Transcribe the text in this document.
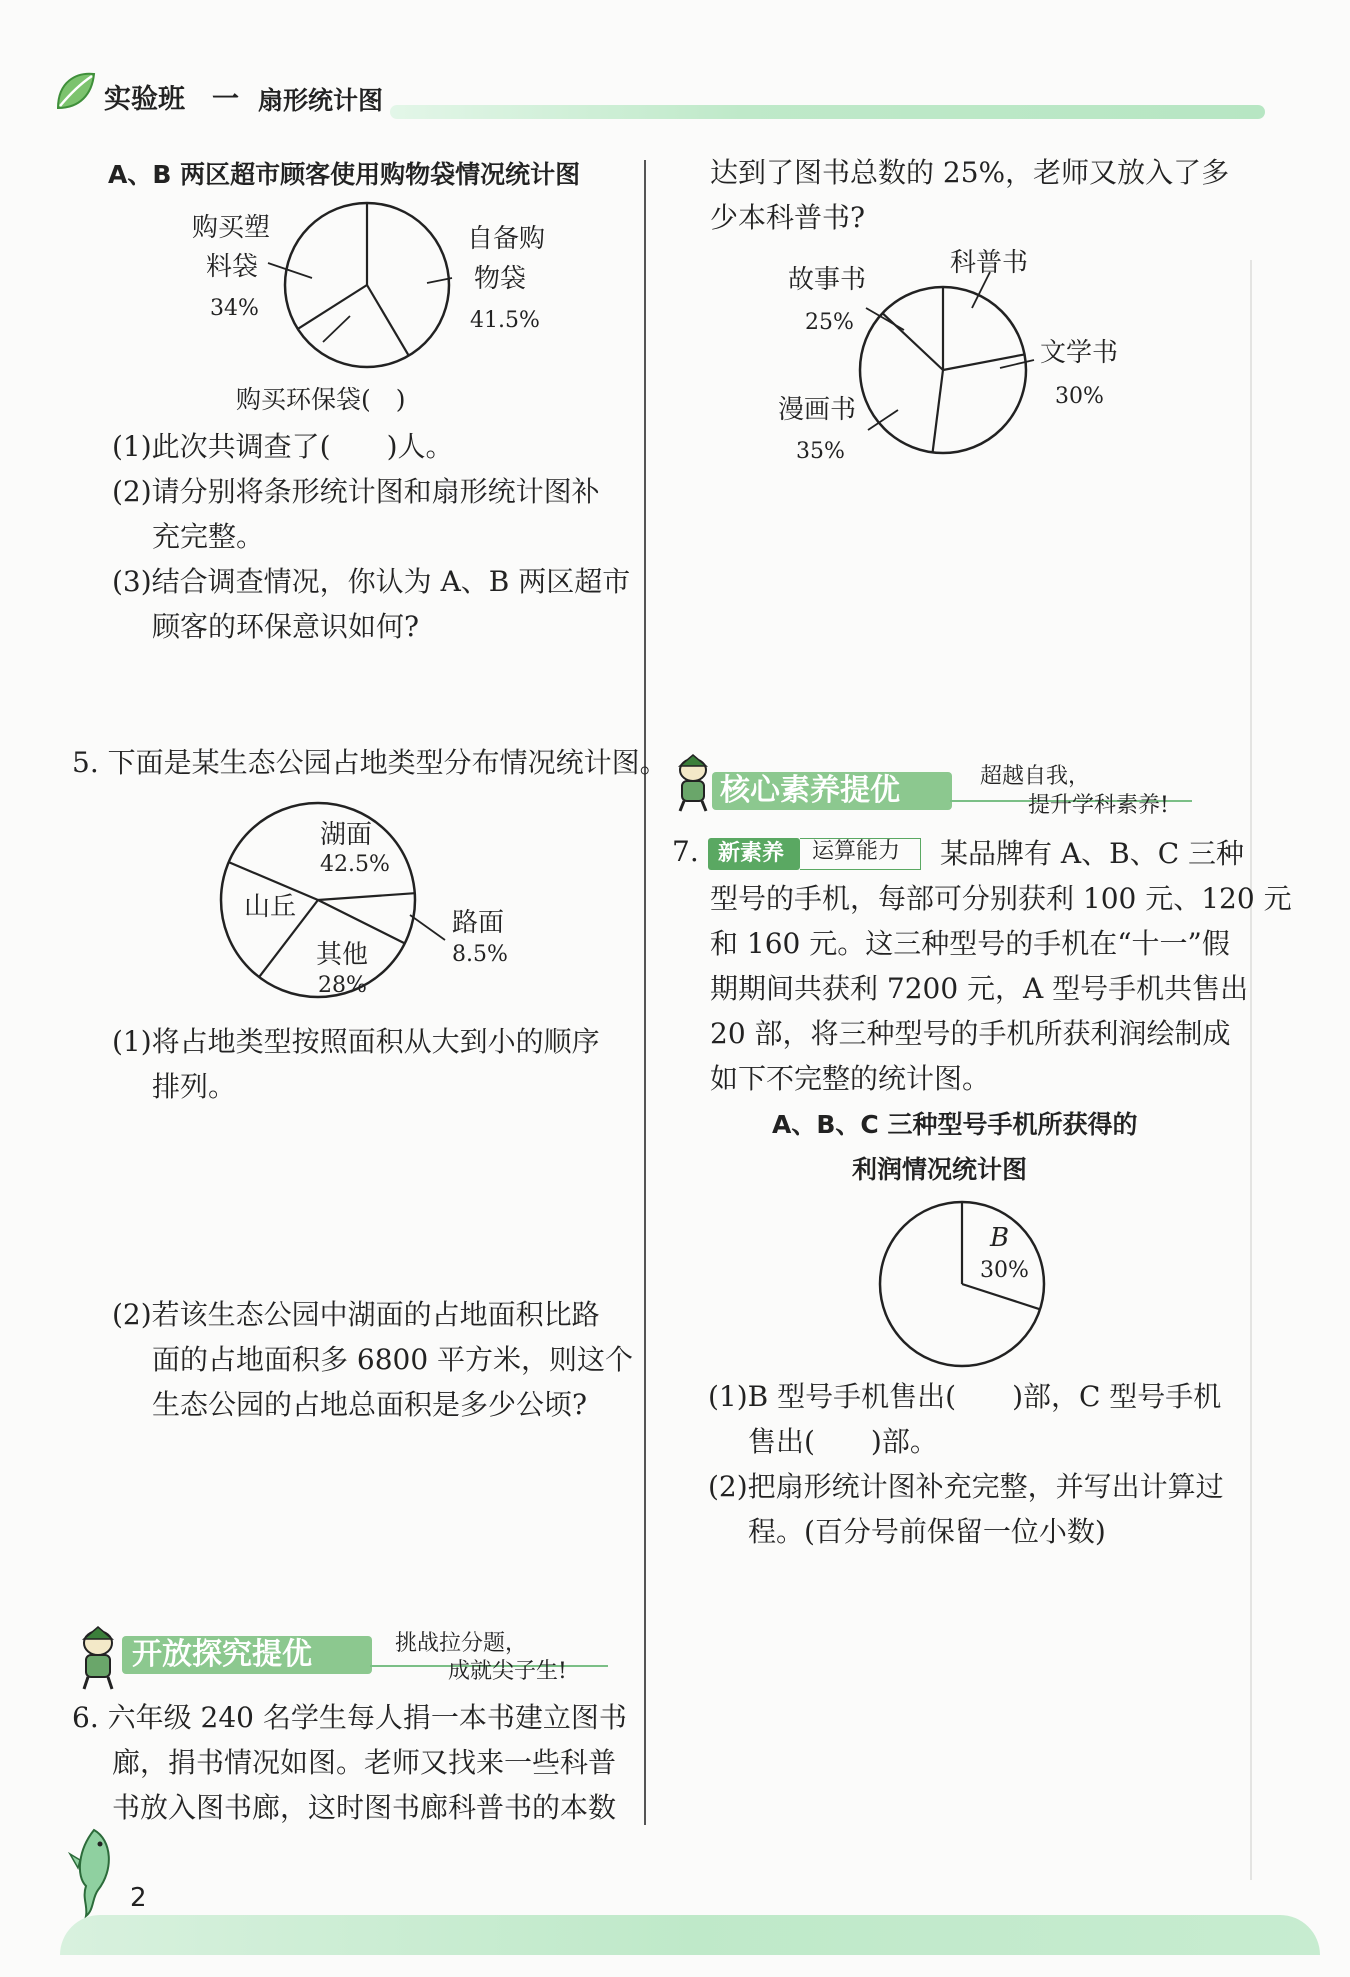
实验班 一 扇形统计图
A、B 两区超市顾客使用购物袋情况统计图
购买塑
料袋
34%
自备购
物袋
41.5%
购买环保袋(　)
(1)此次共调查了(　　)人。
(2)请分别将条形统计图和扇形统计图补
充完整。
(3)结合调查情况，你认为 A、B 两区超市
顾客的环保意识如何?
5. 下面是某生态公园占地类型分布情况统计图。
湖面
42.5%
山丘
路面
8.5%
其他
28%
(1)将占地类型按照面积从大到小的顺序
排列。
(2)若该生态公园中湖面的占地面积比路
面的占地面积多 6800 平方米，则这个
生态公园的占地总面积是多少公顷?
开放探究提优	挑战拉分题，
成就尖子生!
6. 六年级 240 名学生每人捐一本书建立图书
廊，捐书情况如图。老师又找来一些科普
书放入图书廊，这时图书廊科普书的本数
达到了图书总数的 25%，老师又放入了多
少本科普书?
科普书
故事书
25%
文学书
30%
漫画书
35%
核心素养提优	超越自我，
提升学科素养!
7. 新素养 运算能力	某品牌有 A、B、C 三种
型号的手机，每部可分别获利 100 元、120 元
和 160 元。这三种型号的手机在“十一”假
期期间共获利 7200 元，A 型号手机共售出
20 部，将三种型号的手机所获利润绘制成
如下不完整的统计图。
A、B、C 三种型号手机所获得的
利润情况统计图
B
30%
(1)B 型号手机售出(　　)部，C 型号手机
售出(　　)部。
(2)把扇形统计图补充完整，并写出计算过
程。(百分号前保留一位小数)
2
